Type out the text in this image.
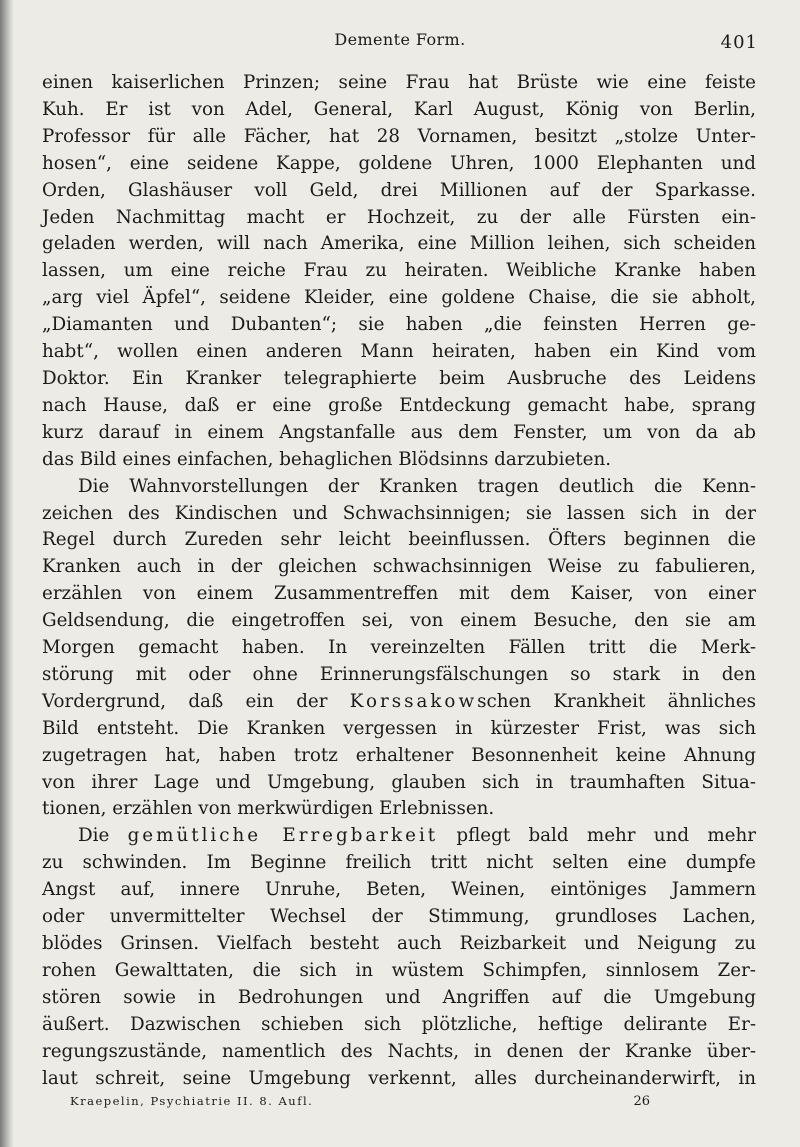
Demente Form.	401
einen kaiserlichen Prinzen; seine Frau hat Brüste wie eine feiste
Kuh. Er ist von Adel, General, Karl August, König von Berlin,
Professor für alle Fächer, hat 28 Vornamen, besitzt „stolze Unter-
hosen“, eine seidene Kappe, goldene Uhren, 1000 Elephanten und
Orden, Glashäuser voll Geld, drei Millionen auf der Sparkasse.
Jeden Nachmittag macht er Hochzeit, zu der alle Fürsten ein-
geladen werden, will nach Amerika, eine Million leihen, sich scheiden
lassen, um eine reiche Frau zu heiraten. Weibliche Kranke haben
„arg viel Äpfel“, seidene Kleider, eine goldene Chaise, die sie abholt,
„Diamanten und Dubanten“; sie haben „die feinsten Herren ge-
habt“, wollen einen anderen Mann heiraten, haben ein Kind vom
Doktor. Ein Kranker telegraphierte beim Ausbruche des Leidens
nach Hause, daß er eine große Entdeckung gemacht habe, sprang
kurz darauf in einem Angstanfalle aus dem Fenster, um von da ab
das Bild eines einfachen, behaglichen Blödsinns darzubieten.
Die Wahnvorstellungen der Kranken tragen deutlich die Kenn-
zeichen des Kindischen und Schwachsinnigen; sie lassen sich in der
Regel durch Zureden sehr leicht beeinflussen. Öfters beginnen die
Kranken auch in der gleichen schwachsinnigen Weise zu fabulieren,
erzählen von einem Zusammentreffen mit dem Kaiser, von einer
Geldsendung, die eingetroffen sei, von einem Besuche, den sie am
Morgen gemacht haben. In vereinzelten Fällen tritt die Merk-
störung mit oder ohne Erinnerungsfälschungen so stark in den
Vordergrund, daß ein der Korssakowschen Krankheit ähnliches
Bild entsteht. Die Kranken vergessen in kürzester Frist, was sich
zugetragen hat, haben trotz erhaltener Besonnenheit keine Ahnung
von ihrer Lage und Umgebung, glauben sich in traumhaften Situa-
tionen, erzählen von merkwürdigen Erlebnissen.
Die gemütliche Erregbarkeit pflegt bald mehr und mehr
zu schwinden. Im Beginne freilich tritt nicht selten eine dumpfe
Angst auf, innere Unruhe, Beten, Weinen, eintöniges Jammern
oder unvermittelter Wechsel der Stimmung, grundloses Lachen,
blödes Grinsen. Vielfach besteht auch Reizbarkeit und Neigung zu
rohen Gewalttaten, die sich in wüstem Schimpfen, sinnlosem Zer-
stören sowie in Bedrohungen und Angriffen auf die Umgebung
äußert. Dazwischen schieben sich plötzliche, heftige delirante Er-
regungszustände, namentlich des Nachts, in denen der Kranke über-
laut schreit, seine Umgebung verkennt, alles durcheinanderwirft, in
Kraepelin, Psychiatrie II. 8. Aufl.	26
